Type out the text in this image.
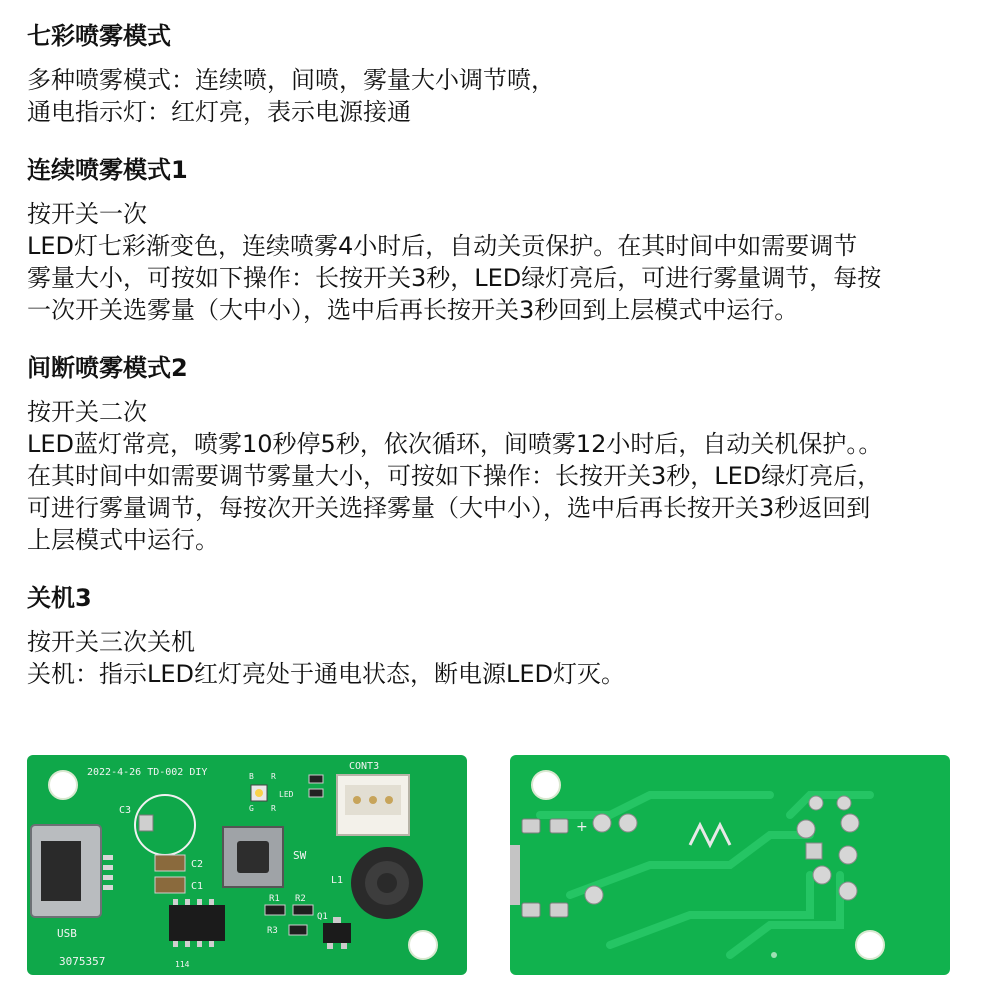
七彩喷雾模式

多种喷雾模式：连续喷，间喷，雾量大小调节喷，

通电指示灯：红灯亮，表示电源接通

连续喷雾模式1

按开关一次

LED灯七彩渐变色，连续喷雾4小时后，自动关贡保护。在其时间中如需要调节

雾量大小，可按如下操作：长按开关3秒，LED绿灯亮后，可进行雾量调节，每按

一次开关选雾量（大中小），选中后再长按开关3秒回到上层模式中运行。

间断喷雾模式2

按开关二次

LED蓝灯常亮，喷雾10秒停5秒，依次循环，间喷雾12小时后，自动关机保护。。

在其时间中如需要调节雾量大小，可按如下操作：长按开关3秒，LED绿灯亮后，

可进行雾量调节，每按次开关选择雾量（大中小），选中后再长按开关3秒返回到

上层模式中运行。

关机3

按开关三次关机

关机：指示LED红灯亮处于通电状态，断电源LED灯灭。

2022-4-26 TD-002 DIY
USB
C3
C2
C1
SW
B R
G R
LED
CONT3
L1
R1 R2
R3
Q1
3075357	114
+
